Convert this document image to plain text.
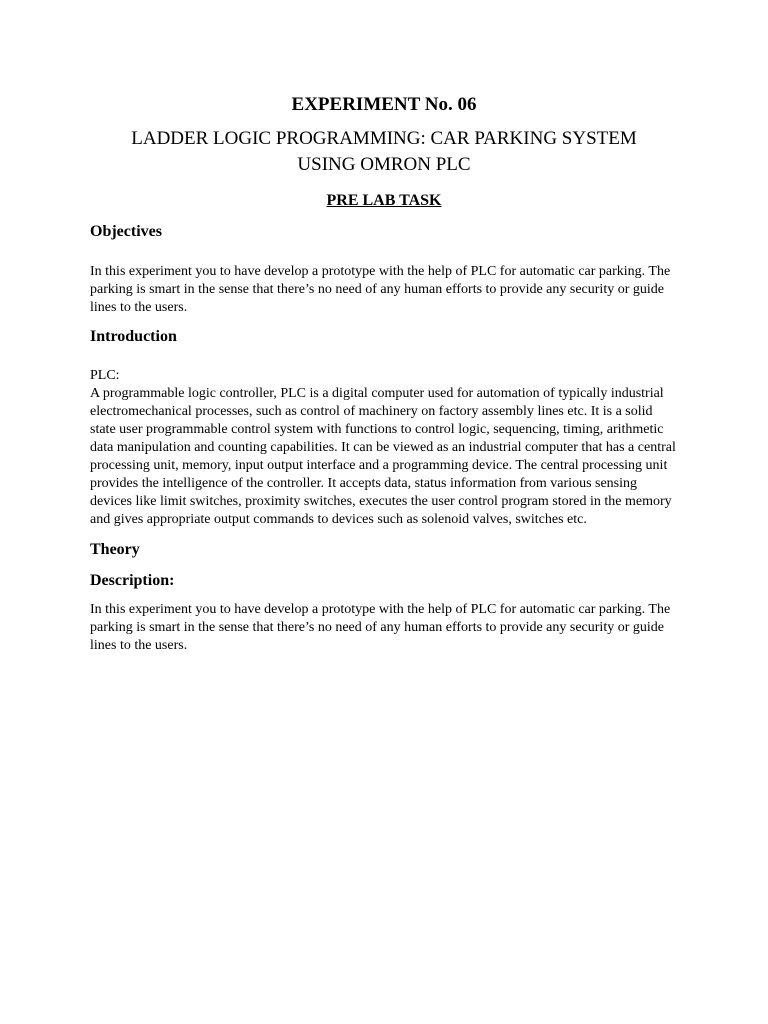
EXPERIMENT No. 06

LADDER LOGIC PROGRAMMING: CAR PARKING SYSTEM

USING OMRON PLC

PRE LAB TASK

Objectives

In this experiment you to have develop a prototype with the help of PLC for automatic car parking. The parking is smart in the sense that there’s no need of any human efforts to provide any security or guide lines to the users.

Introduction

PLC:

A programmable logic controller, PLC is a digital computer used for automation of typically industrial electromechanical processes, such as control of machinery on factory assembly lines etc. It is a solid state user programmable control system with functions to control logic, sequencing, timing, arithmetic data manipulation and counting capabilities. It can be viewed as an industrial computer that has a central processing unit, memory, input output interface and a programming device. The central processing unit provides the intelligence of the controller. It accepts data, status information from various sensing devices like limit switches, proximity switches, executes the user control program stored in the memory and gives appropriate output commands to devices such as solenoid valves, switches etc.

Theory
Description:

In this experiment you to have develop a prototype with the help of PLC for automatic car parking. The parking is smart in the sense that there’s no need of any human efforts to provide any security or guide lines to the users.
